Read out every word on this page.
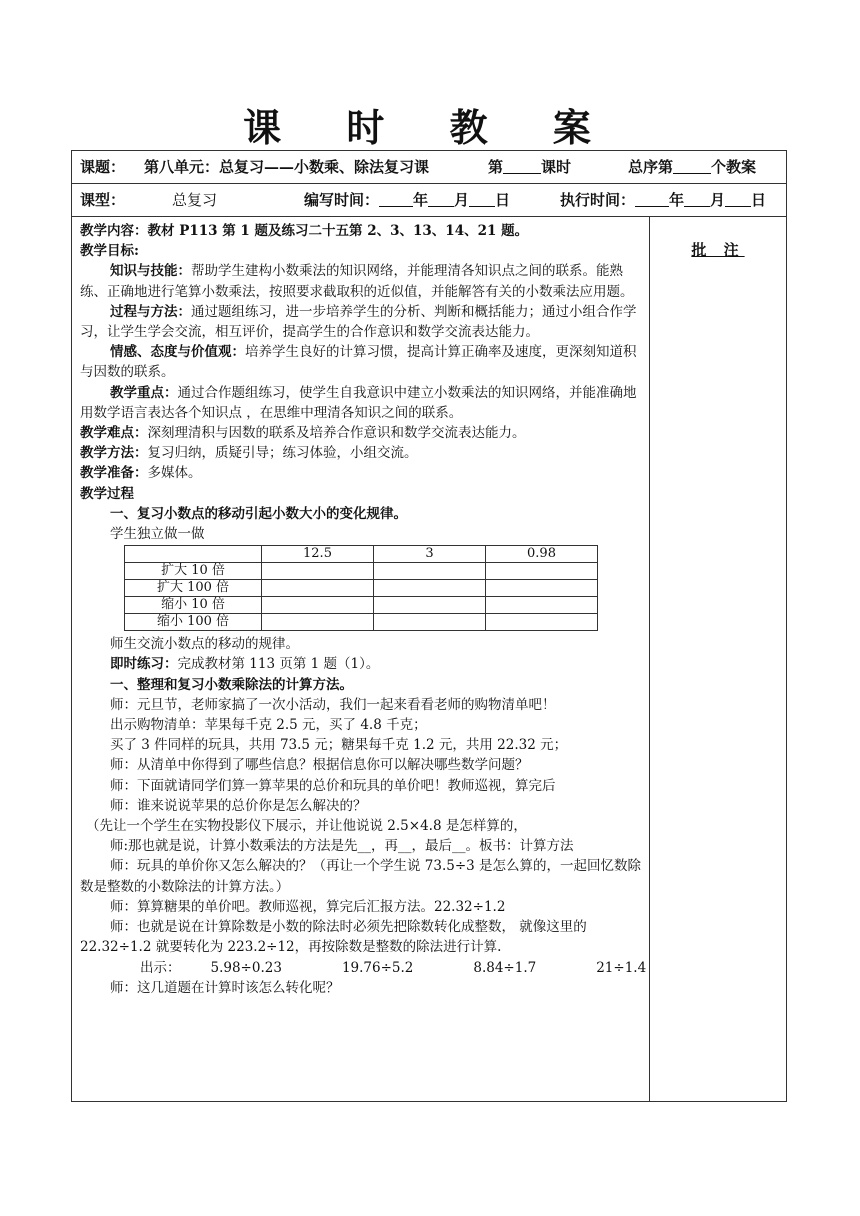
课 时 教 案
课题： 第八单元：总复习——小数乘、除法复习课	第	课时	总序第	个教案
课型：	总复习	编写时间： 年 月 日	执行时间： 年 月 日

教学内容：教材 P113 第 1 题及练习二十五第 2、3、13、14、21 题。

教学目标:

知识与技能：帮助学生建构小数乘法的知识网络，并能理清各知识点之间的联系。能熟练、正确地进行笔算小数乘法，按照要求截取积的近似值，并能解答有关的小数乘法应用题。

过程与方法：通过题组练习，进一步培养学生的分析、判断和概括能力；通过小组合作学习，让学生学会交流，相互评价，提高学生的合作意识和数学交流表达能力。

情感、态度与价值观：培养学生良好的计算习惯，提高计算正确率及速度，更深刻知道积与因数的联系。

教学重点：通过合作题组练习，使学生自我意识中建立小数乘法的知识网络，并能准确地用数学语言表达各个知识点 ，在思维中理清各知识之间的联系。

教学难点：深刻理清积与因数的联系及培养合作意识和数学交流表达能力。

教学方法：复习归纳，质疑引导；练习体验，小组交流。

教学准备：多媒体。

教学过程

一、复习小数点的移动引起小数大小的变化规律。

学生独立做一做

	12.5	3	0.98
扩大 10 倍			
扩大 100 倍			
缩小 10 倍			
缩小 100 倍			

师生交流小数点的移动的规律。

即时练习：完成教材第 113 页第 1 题（1）。

一、整理和复习小数乘除法的计算方法。

师：元旦节，老师家搞了一次小活动，我们一起来看看老师的购物清单吧！

出示购物清单：苹果每千克 2.5 元，买了 4.8 千克；

买了 3 件同样的玩具，共用 73.5 元；糖果每千克 1.2 元，共用 22.32 元；

师：从清单中你得到了哪些信息？根据信息你可以解决哪些数学问题？

师：下面就请同学们算一算苹果的总价和玩具的单价吧！教师巡视，算完后

师：谁来说说苹果的总价你是怎么解决的？

（先让一个学生在实物投影仪下展示，并让他说说 2.5×4.8 是怎样算的，

师:那也就是说，计算小数乘法的方法是先__，再__，最后__。板书：计算方法

师：玩具的单价你又怎么解决的？（再让一个学生说 73.5÷3 是怎么算的，一起回忆数除数是整数的小数除法的计算方法。）

师：算算糖果的单价吧。教师巡视，算完后汇报方法。22.32÷1.2

师：也就是说在计算除数是小数的除法时必须先把除数转化成整数， 就像这里的 22.32÷1.2 就要转化为 223.2÷12，再按除数是整数的除法进行计算.

出示： 5.98÷0.23	19.76÷5.2	8.84÷1.7	21÷1.4

师：这几道题在计算时该怎么转化呢？

批 注
